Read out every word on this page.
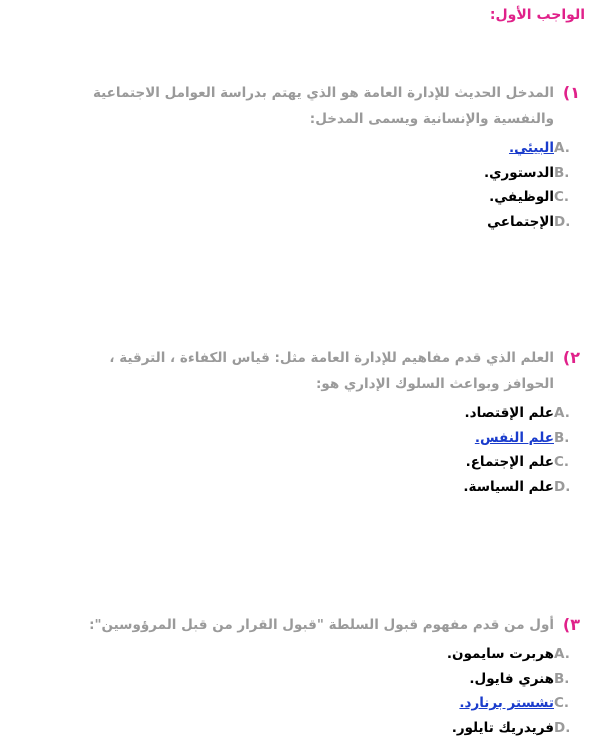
الواجب الأول:
١)
المدخل الحديث للإدارة العامة هو الذي يهتم بدراسة العوامل الاجتماعية والنفسية والإنسانية ويسمى المدخل:
A.
البيئي.
B.
الدستوري.
C.
الوظيفي.
D.
الإجتماعي
٢)
العلم الذي قدم مفاهيم للإدارة العامة مثل: قياس الكفاءة ، الترقية ، الحوافز وبواعث السلوك الإداري هو:
A.
علم الإقتصاد.
B.
علم النفس.
C.
علم الإجتماع.
D.
علم السياسة.
٣)
أول من قدم مفهوم قبول السلطة "قبول القرار من قبل المرؤوسين":
A.
هربرت سايمون.
B.
هنري فايول.
C.
تشستر برنارد.
D.
فريدريك تايلور.
